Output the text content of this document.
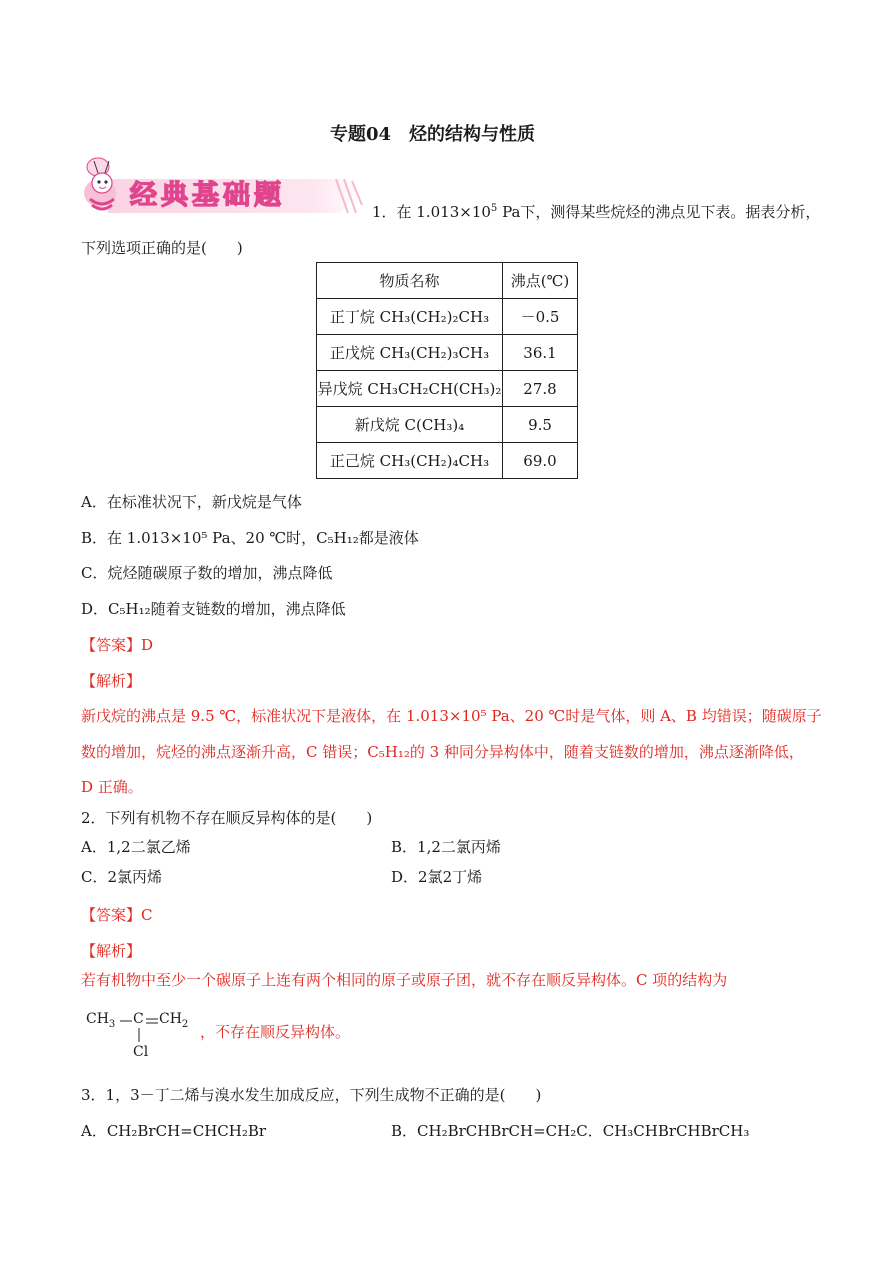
专题04　烃的结构与性质
经典基础题
1．在 $1.013\times 10^5$ Pa下，测得某些烷烃的沸点见下表。据表分析，
下列选项正确的是(　　)
物质名称	沸点(℃)
正丁烷 CH₃(CH₂)₂CH₃	－0.5
正戊烷 CH₃(CH₂)₃CH₃	36.1
异戊烷 CH₃CH₂CH(CH₃)₂	27.8
新戊烷 C(CH₃)₄	9.5
正己烷 CH₃(CH₂)₄CH₃	69.0
A．在标准状况下，新戊烷是气体
B．在 1.013×10⁵ Pa、20 ℃时，C₅H₁₂都是液体
C．烷烃随碳原子数的增加，沸点降低
D．C₅H₁₂随着支链数的增加，沸点降低
【答案】D
【解析】
新戊烷的沸点是 9.5 ℃，标准状况下是液体，在 1.013×10⁵ Pa、20 ℃时是气体，则 A、B 均错误；随碳原子
数的增加，烷烃的沸点逐渐升高，C 错误；C₅H₁₂的 3 种同分异构体中，随着支链数的增加，沸点逐渐降低，
D 正确。
2．下列有机物不存在顺反异构体的是(　　)
A．1,2二氯乙烯	B．1,2二氯丙烯
C．2氯丙烯	D．2氯2丁烯
【答案】C
【解析】
若有机物中至少一个碳原子上连有两个相同的原子或原子团，就不存在顺反异构体。C 项的结构为
$CH_3$ C $CH_2$
Cl
，不存在顺反异构体。
3．1，3－丁二烯与溴水发生加成反应，下列生成物不正确的是(　　)
A．CH₂BrCH=CHCH₂Br	B．CH₂BrCHBrCH=CH₂C．CH₃CHBrCHBrCH₃
